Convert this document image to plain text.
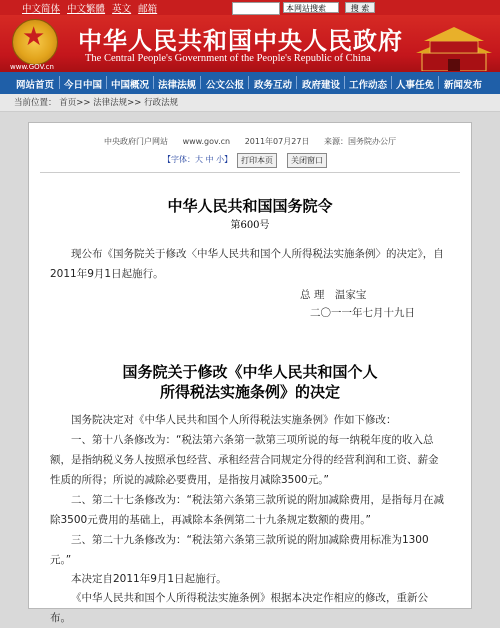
中文简体 中文繁體 英文 邮箱	本网站搜索	搜 索
★
www.GOV.cn
中华人民共和国中央人民政府
The Central People's Government of the People's Republic of China
网站首页 今日中国 中国概况 法律法规 公文公报 政务互动 政府建设 工作动态 人事任免 新闻发布
当前位置： 首页>> 法律法规>> 行政法规
中央政府门户网站 www.gov.cn 2011年07月27日 来源：国务院办公厅
【字体：大 中 小】	打印本页	关闭窗口
中华人民共和国国务院令
第600号
现公布《国务院关于修改〈中华人民共和国个人所得税法实施条例〉的决定》，自2011年9月1日起施行。
总 理　温家宝
二〇一一年七月十九日
国务院关于修改《中华人民共和国个人
所得税法实施条例》的决定
国务院决定对《中华人民共和国个人所得税法实施条例》作如下修改：
一、第十八条修改为：“税法第六条第一款第三项所说的每一纳税年度的收入总额，是指纳税义务人按照承包经营、承租经营合同规定分得的经营利润和工资、薪金性质的所得；所说的减除必要费用，是指按月减除3500元。”
二、第二十七条修改为：“税法第六条第三款所说的附加减除费用，是指每月在减除3500元费用的基础上，再减除本条例第二十九条规定数额的费用。”
三、第二十九条修改为：“税法第六条第三款所说的附加减除费用标准为1300元。”
本决定自2011年9月1日起施行。
《中华人民共和国个人所得税法实施条例》根据本决定作相应的修改，重新公布。
